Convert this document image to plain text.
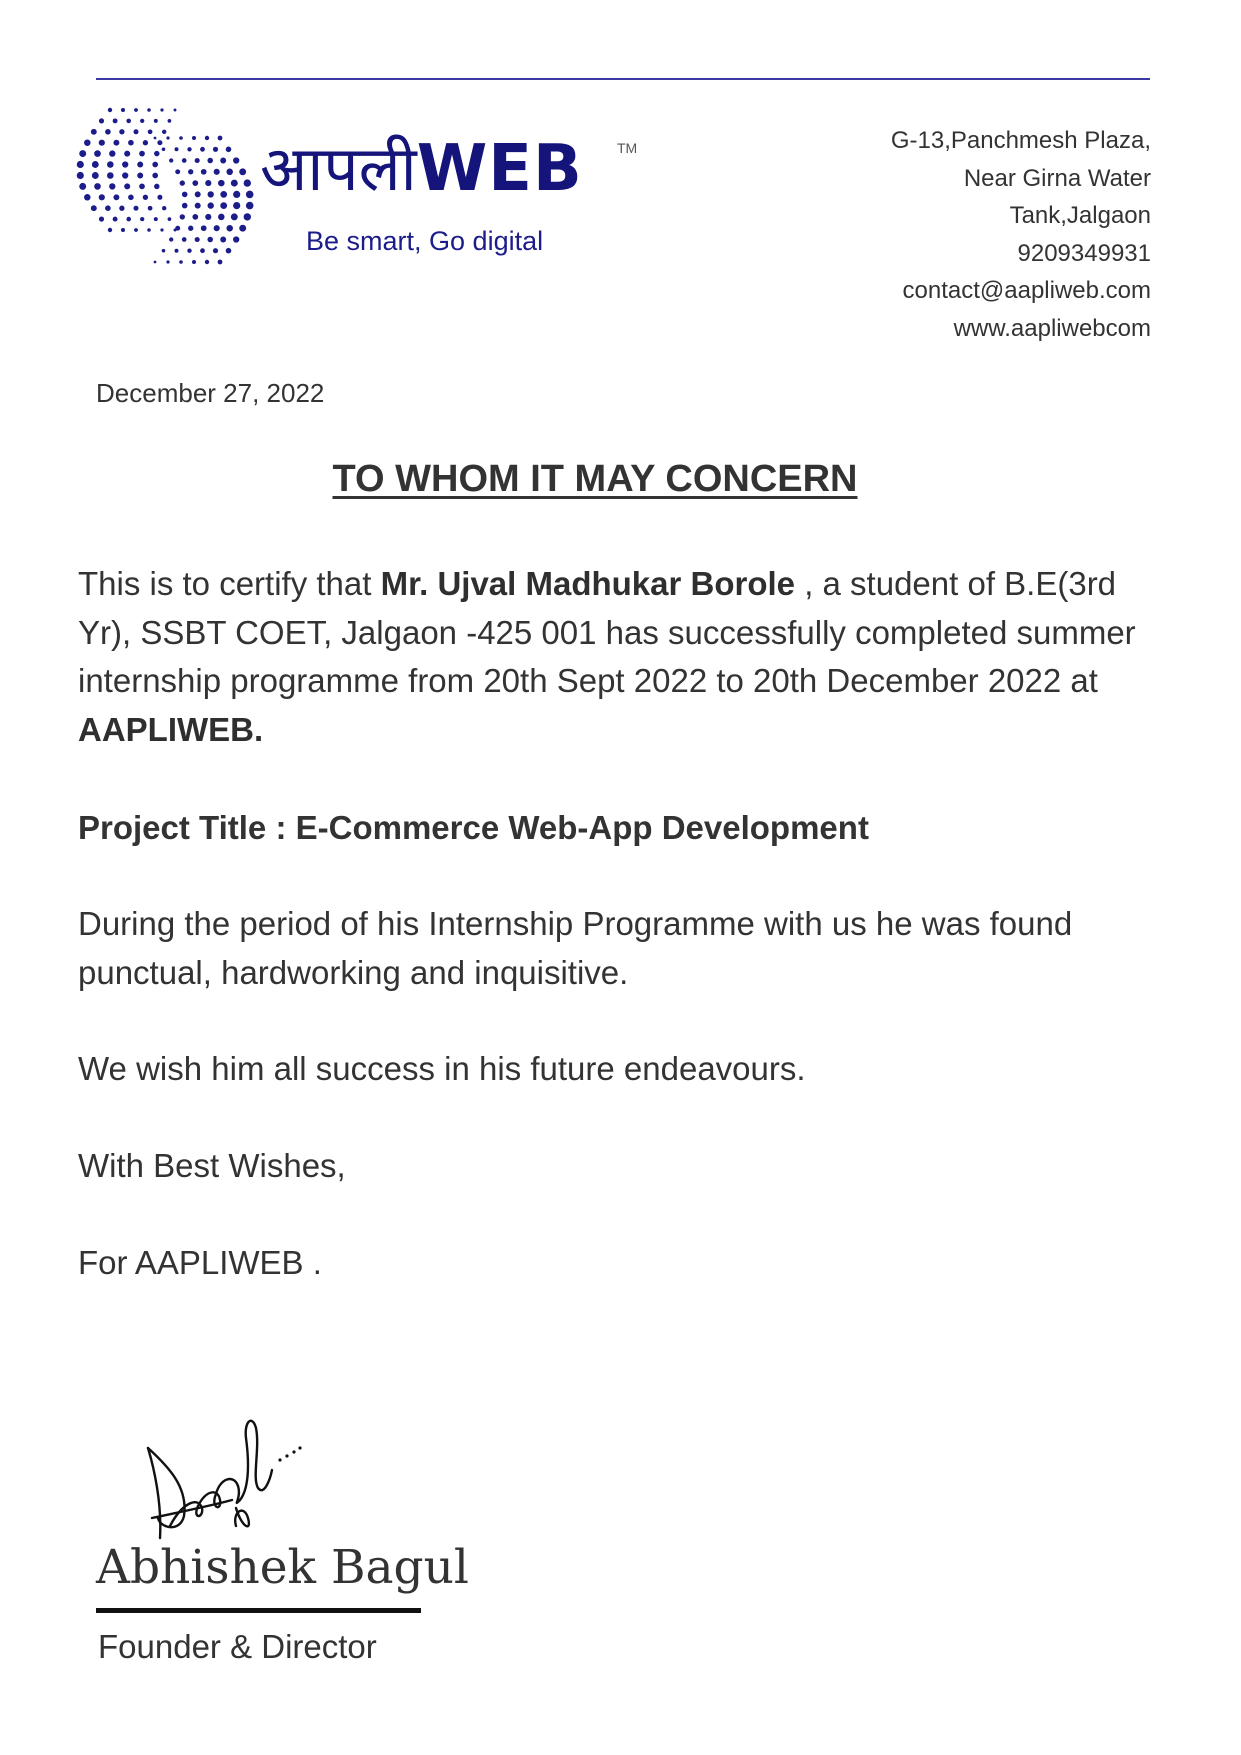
आपलीWEB TM
Be smart, Go digital
G-13,Panchmesh Plaza,
Near Girna Water
Tank,Jalgaon
9209349931
contact@aapliweb.com
www.aapliwebcom
December 27, 2022
TO WHOM IT MAY CONCERN
This is to certify that Mr. Ujval Madhukar Borole , a student of B.E(3rd Yr), SSBT COET, Jalgaon -425 001 has successfully completed summer internship programme from 20th Sept 2022 to 20th December 2022 at AAPLIWEB.
Project Title : E-Commerce Web-App Development
During the period of his Internship Programme with us he was found punctual, hardworking and inquisitive.
We wish him all success in his future endeavours.
With Best Wishes,
For AAPLIWEB .
Abhishek Bagul
Founder & Director
